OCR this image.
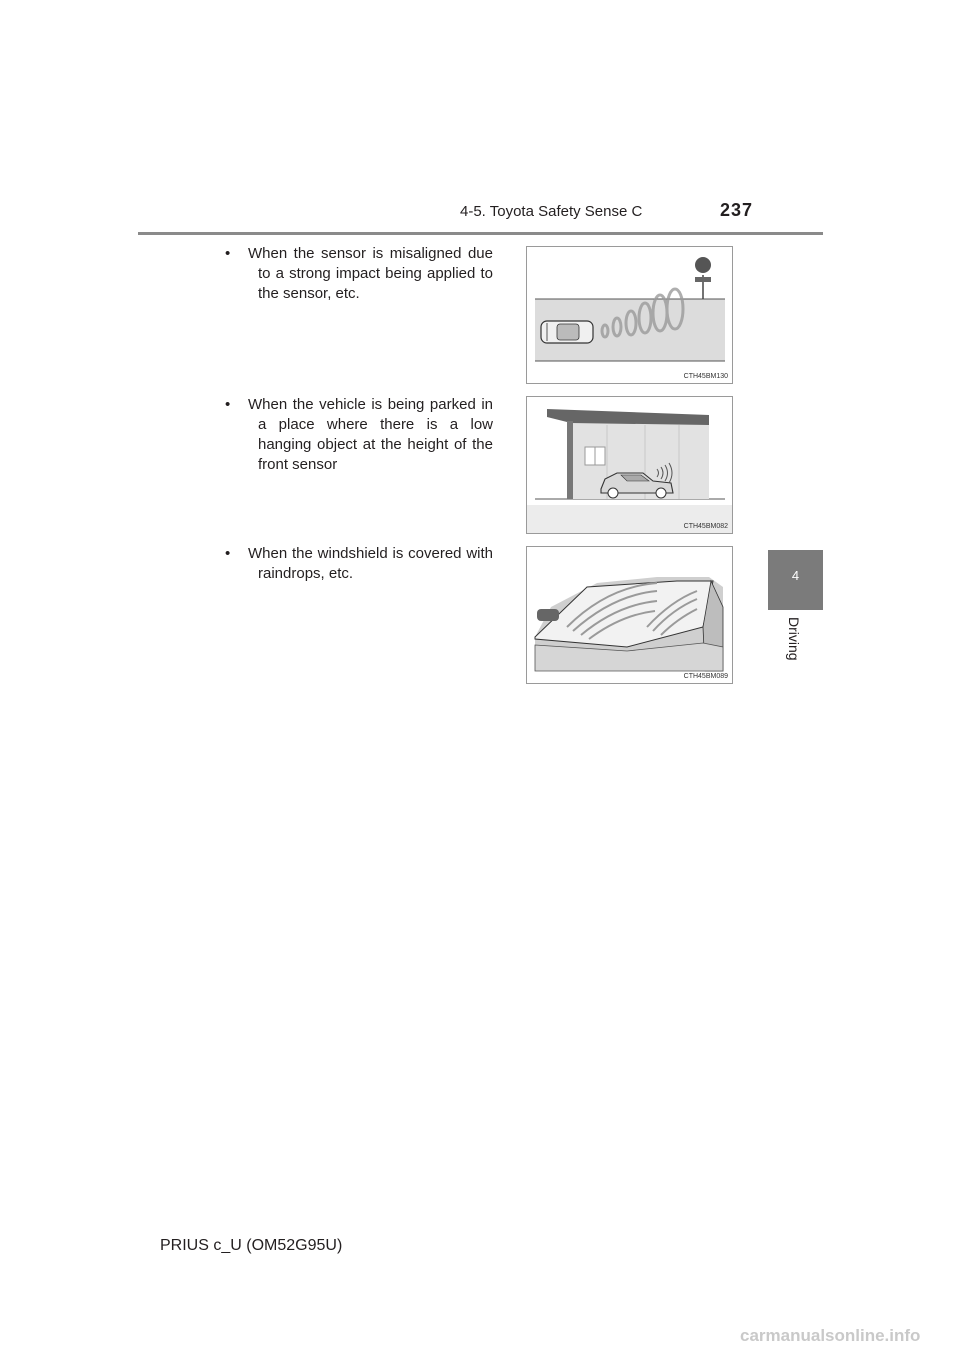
4-5. Toyota Safety Sense C	237
4
Driving
• When the sensor is misaligned due to a strong impact being applied to the sensor, etc.
• When the vehicle is being parked in a place where there is a low hanging object at the height of the front sensor
• When the windshield is covered with raindrops, etc.
CTH45BM130
CTH45BM082
CTH45BM089
PRIUS c_U (OM52G95U)
carmanualsonline.info
